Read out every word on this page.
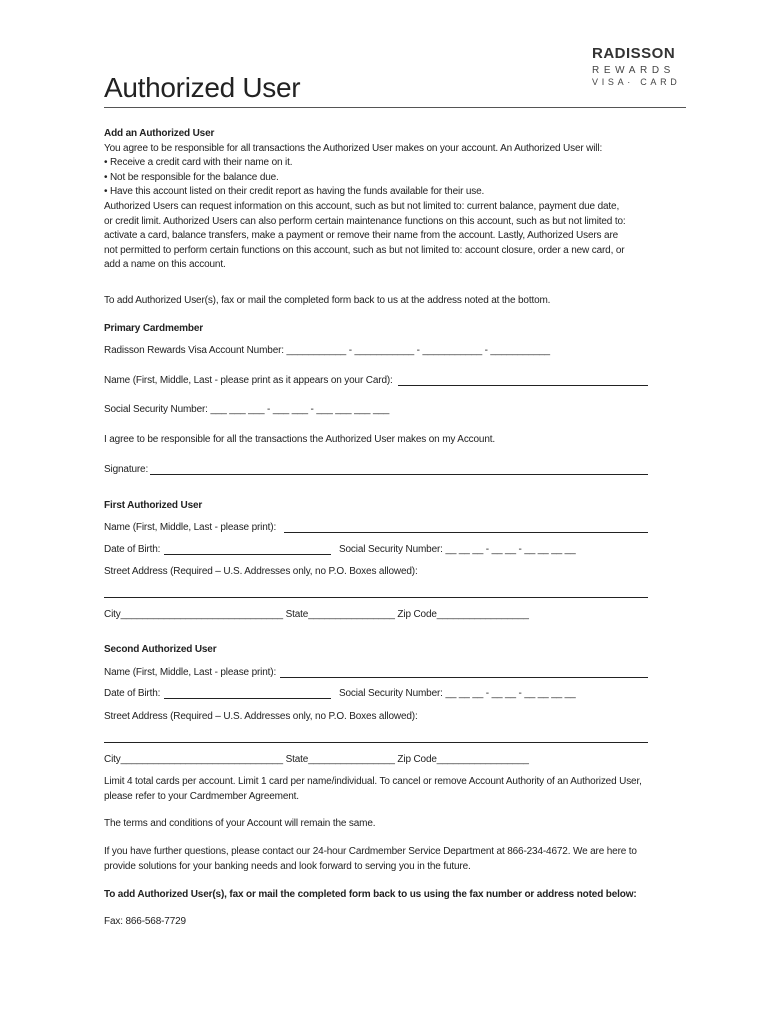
RADISSON
REWARDS
VISA· CARD
Authorized User
Add an Authorized User
You agree to be responsible for all transactions the Authorized User makes on your account. An Authorized User will:
• Receive a credit card with their name on it.
• Not be responsible for the balance due.
• Have this account listed on their credit report as having the funds available for their use.
Authorized Users can request information on this account, such as but not limited to: current balance, payment due date,
or credit limit. Authorized Users can also perform certain maintenance functions on this account, such as but not limited to:
activate a card, balance transfers, make a payment or remove their name from the account. Lastly, Authorized Users are
not permitted to perform certain functions on this account, such as but not limited to: account closure, order a new card, or
add a name on this account.
To add Authorized User(s), fax or mail the completed form back to us at the address noted at the bottom.
Primary Cardmember
Radisson Rewards Visa Account Number: ___________ - ___________ - ___________ - ___________
Name (First, Middle, Last - please print as it appears on your Card):
Social Security Number: ___ ___ ___ - ___ ___ - ___ ___ ___ ___
I agree to be responsible for all the transactions the Authorized User makes on my Account.
Signature:
First Authorized User
Name (First, Middle, Last - please print):
Date of Birth:	Social Security Number: __ __ __ - __ __ - __ __ __ __
Street Address (Required – U.S. Addresses only, no P.O. Boxes allowed):
City______________________________ State________________ Zip Code_________________
Second Authorized User
Name (First, Middle, Last - please print):
Date of Birth:	Social Security Number: __ __ __ - __ __ - __ __ __ __
Street Address (Required – U.S. Addresses only, no P.O. Boxes allowed):
City______________________________ State________________ Zip Code_________________
Limit 4 total cards per account. Limit 1 card per name/individual. To cancel or remove Account Authority of an Authorized User,
please refer to your Cardmember Agreement.
The terms and conditions of your Account will remain the same.
If you have further questions, please contact our 24-hour Cardmember Service Department at 866-234-4672. We are here to
provide solutions for your banking needs and look forward to serving you in the future.
To add Authorized User(s), fax or mail the completed form back to us using the fax number or address noted below:
Fax: 866-568-7729
